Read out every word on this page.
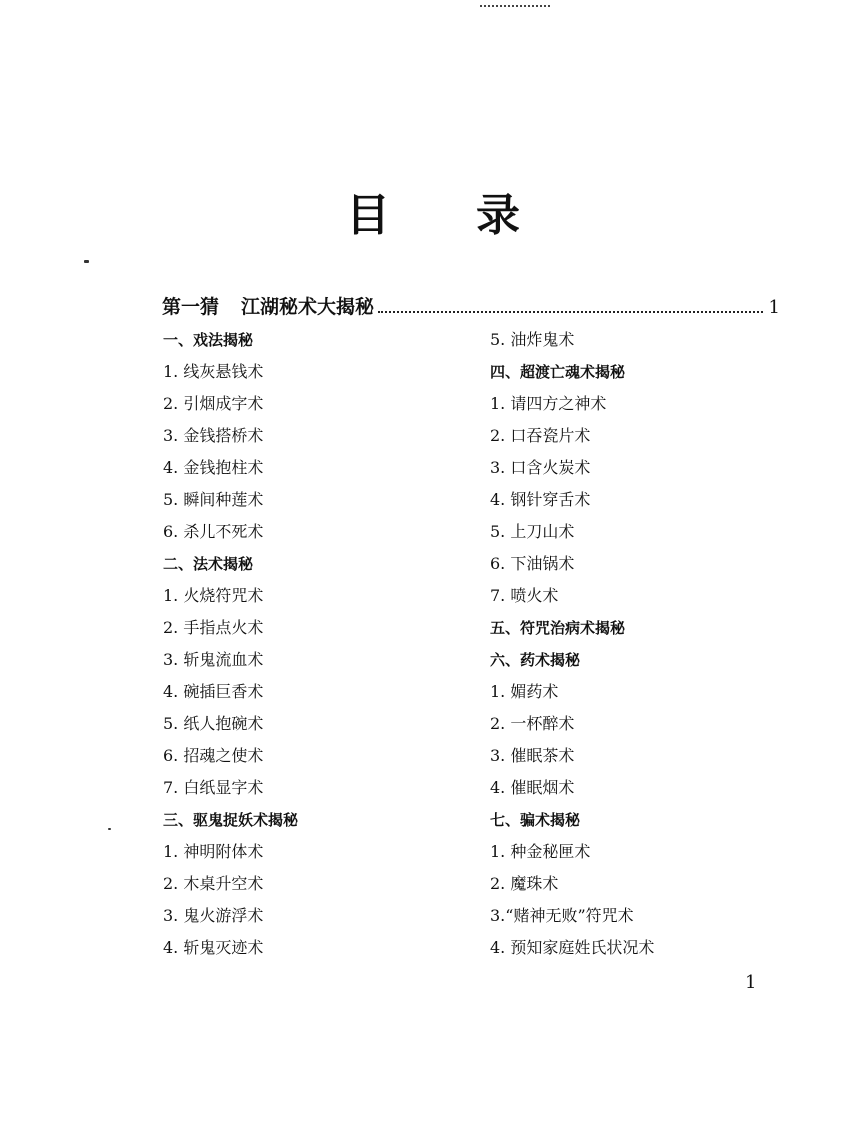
目录
第一猜 江湖秘术大揭秘	1
一、戏法揭秘
1. 线灰悬钱术
2. 引烟成字术
3. 金钱搭桥术
4. 金钱抱柱术
5. 瞬间种莲术
6. 杀儿不死术
二、法术揭秘
1. 火烧符咒术
2. 手指点火术
3. 斩鬼流血术
4. 碗插巨香术
5. 纸人抱碗术
6. 招魂之使术
7. 白纸显字术
三、驱鬼捉妖术揭秘
1. 神明附体术
2. 木桌升空术
3. 鬼火游浮术
4. 斩鬼灭迹术
5. 油炸鬼术
四、超渡亡魂术揭秘
1. 请四方之神术
2. 口吞瓷片术
3. 口含火炭术
4. 钢针穿舌术
5. 上刀山术
6. 下油锅术
7. 喷火术
五、符咒治病术揭秘
六、药术揭秘
1. 媚药术
2. 一杯醉术
3. 催眠茶术
4. 催眠烟术
七、骗术揭秘
1. 种金秘匣术
2. 魔珠术
3.“赌神无败”符咒术
4. 预知家庭姓氏状况术
1
